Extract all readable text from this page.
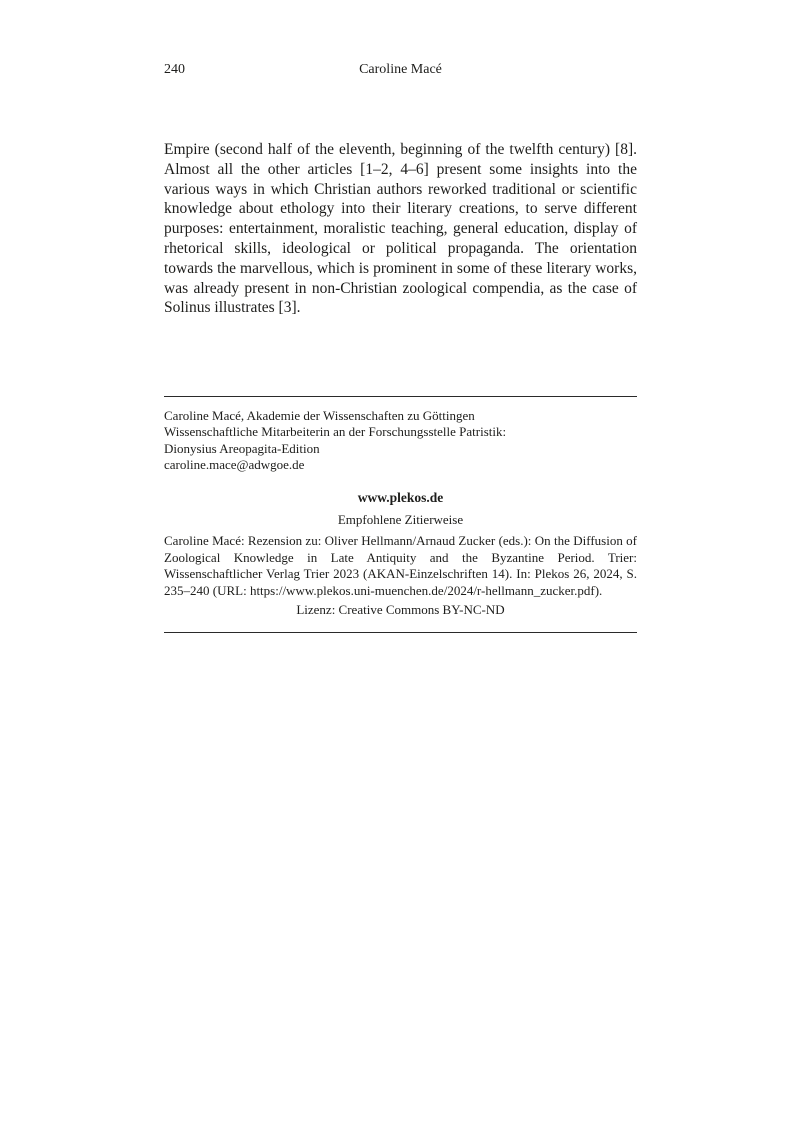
240	Caroline Macé

Empire (second half of the eleventh, beginning of the twelfth century) [8]. Almost all the other articles [1–2, 4–6] present some insights into the various ways in which Christian authors reworked traditional or scientific knowledge about ethology into their literary creations, to serve different purposes: entertainment, moralistic teaching, general education, display of rhetorical skills, ideological or political propaganda. The orientation towards the marvellous, which is prominent in some of these literary works, was already present in non-Christian zoological compendia, as the case of Solinus illustrates [3].

Caroline Macé, Akademie der Wissenschaften zu Göttingen
Wissenschaftliche Mitarbeiterin an der Forschungsstelle Patristik:
Dionysius Areopagita-Edition
caroline.mace@adwgoe.de
www.plekos.de
Empfohlene Zitierweise

Caroline Macé: Rezension zu: Oliver Hellmann/Arnaud Zucker (eds.): On the Diffusion of Zoological Knowledge in Late Antiquity and the Byzantine Period. Trier: Wissenschaftlicher Verlag Trier 2023 (AKAN-Einzelschriften 14). In: Plekos 26, 2024, S. 235–240 (URL: https://www.plekos.uni-muenchen.de/2024/r-hellmann_zucker.pdf).

Lizenz: Creative Commons BY-NC-ND
